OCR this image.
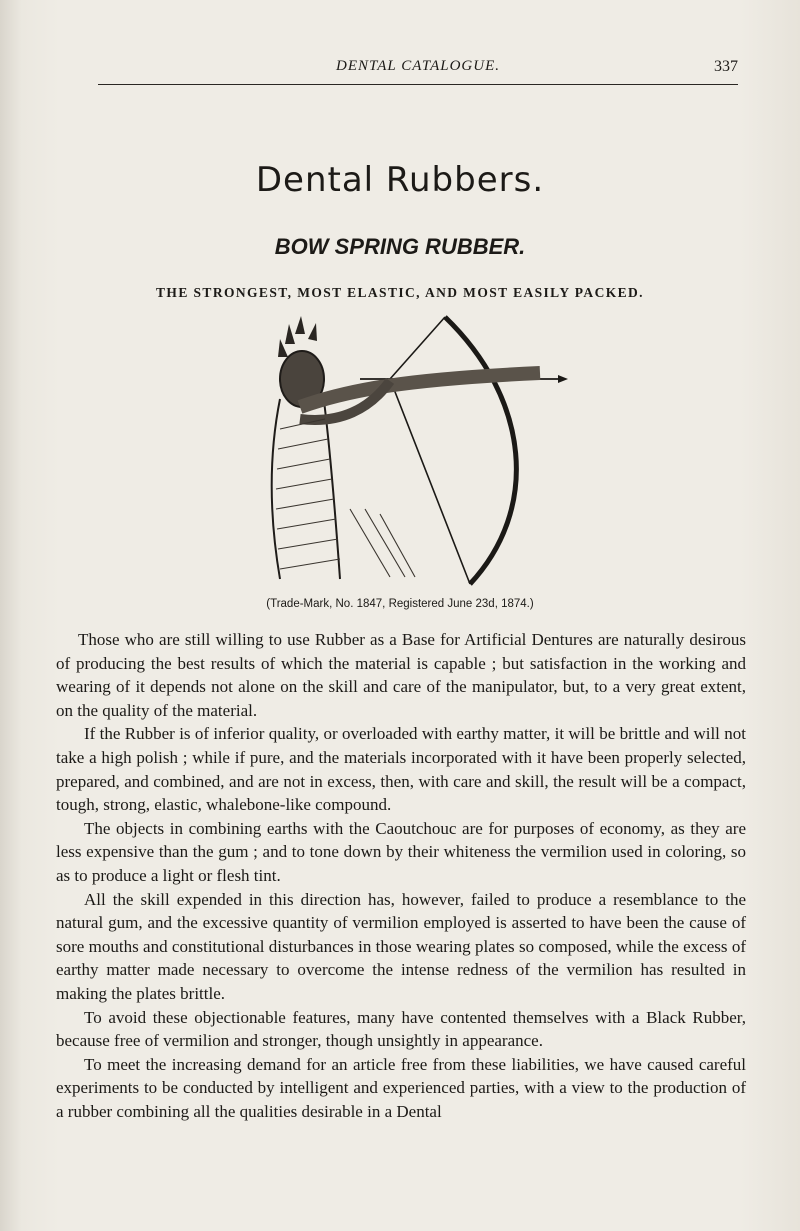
DENTAL CATALOGUE.	337
Dental Rubbers.
BOW SPRING RUBBER.
THE STRONGEST, MOST ELASTIC, AND MOST EASILY PACKED.
(Trade-Mark, No. 1847, Registered June 23d, 1874.)

Those who are still willing to use Rubber as a Base for Artificial Dentures are naturally desirous of producing the best results of which the material is capable ; but satisfaction in the working and wearing of it depends not alone on the skill and care of the manipulator, but, to a very great extent, on the quality of the material.

If the Rubber is of inferior quality, or overloaded with earthy matter, it will be brittle and will not take a high polish ; while if pure, and the materials incorporated with it have been properly selected, prepared, and combined, and are not in excess, then, with care and skill, the result will be a compact, tough, strong, elastic, whalebone-like compound.

The objects in combining earths with the Caoutchouc are for purposes of economy, as they are less expensive than the gum ; and to tone down by their whiteness the vermilion used in coloring, so as to produce a light or flesh tint.

All the skill expended in this direction has, however, failed to produce a resemblance to the natural gum, and the excessive quantity of vermilion employed is asserted to have been the cause of sore mouths and constitutional disturbances in those wearing plates so composed, while the excess of earthy matter made necessary to overcome the intense redness of the vermilion has resulted in making the plates brittle.

To avoid these objectionable features, many have contented themselves with a Black Rubber, because free of vermilion and stronger, though unsightly in appearance.

To meet the increasing demand for an article free from these liabilities, we have caused careful experiments to be conducted by intelligent and experienced parties, with a view to the production of a rubber combining all the qualities desirable in a Dental
